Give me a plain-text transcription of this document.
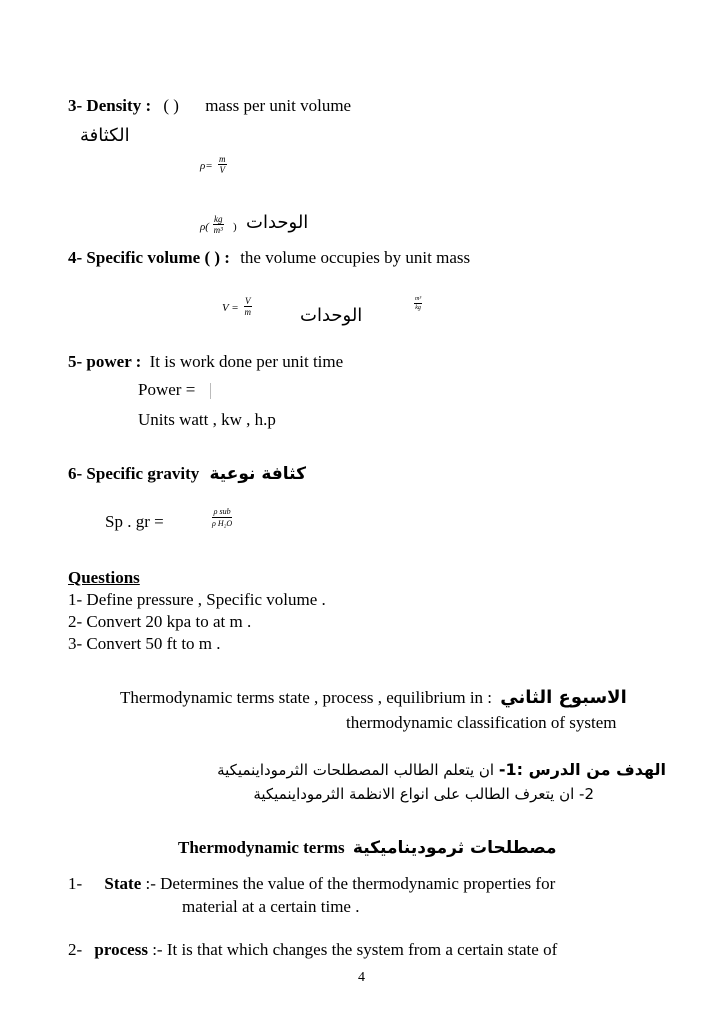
3- Density : ( ) mass per unit volume
الكثافة
$\rho= \frac{m}{V}$
$\rho( \frac{kg}{\text{m³}}$ ) الوحدات
4- Specific volume ( ) : the volume occupies by unit mass
$V = \frac{V}{m}$	الوحدات
$\frac{\text{m³}}{kg}$
5- power : It is work done per unit time
Power =
Units watt , kw , h.p
6- Specific gravity كثافة نوعية
Sp . gr =
ρ sub
ρ H₂O
Questions
1- Define pressure , Specific volume .
2- Convert 20 kpa to at m .
3- Convert 50 ft to m .
Thermodynamic terms state , process , equilibrium in : الاسبوع الثاني
thermodynamic classification of system
الهدف من الدرس :1- ان يتعلم الطالب المصطلحات الثرموداينميكية
2- ان يتعرف الطالب على انواع الانظمة الثرموداينميكية
Thermodynamic terms مصطلحات ثرموديناميكية
1- State :- Determines the value of the thermodynamic properties for
material at a certain time .
2- process :- It is that which changes the system from a certain state of
4
